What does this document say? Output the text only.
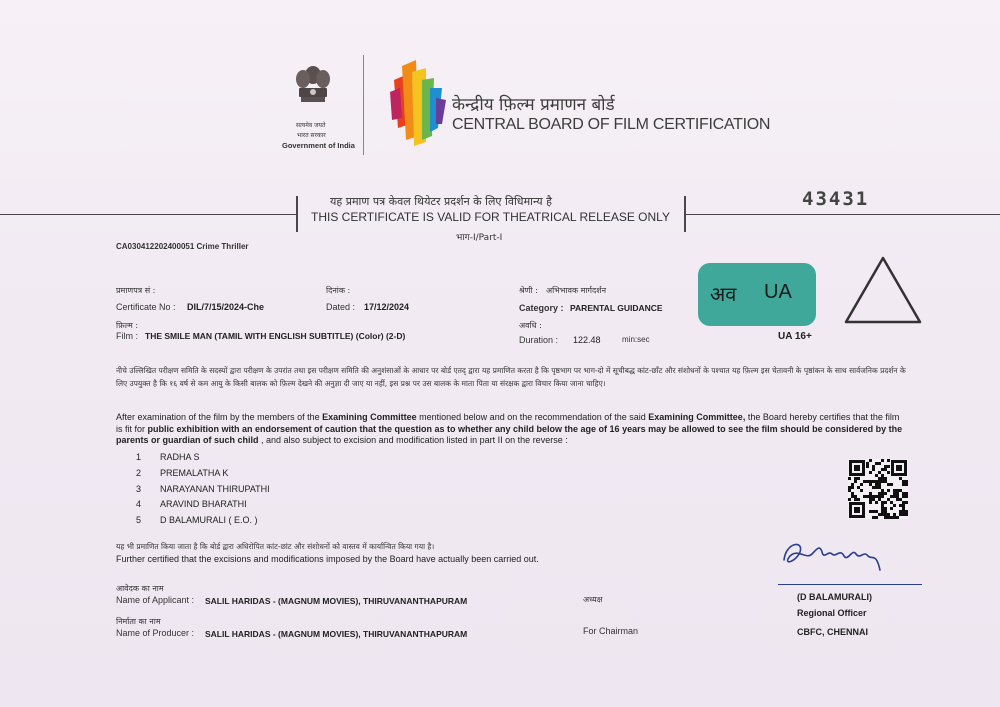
सत्यमेव जयते
भारत सरकार
Government of India
केन्द्रीय फ़िल्म प्रमाणन बोर्ड
CENTRAL BOARD OF FILM CERTIFICATION
यह प्रमाण पत्र केवल थियेटर प्रदर्शन के लिए विधिमान्य है
THIS CERTIFICATE IS VALID FOR THEATRICAL RELEASE ONLY
भाग-I/Part-I
43431
CA030412202400051 Crime Thriller
प्रमाणपत्र सं :
Certificate No : DIL/7/15/2024-Che
दिनांक :
Dated : 17/12/2024
श्रेणी : अभिभावक मार्गदर्शन
Category : PARENTAL GUIDANCE
फ़िल्म :
Film : THE SMILE MAN (TAMIL WITH ENGLISH SUBTITLE) (Color) (2-D)
अवधि :
Duration : 122.48	min:sec
अव UA
UA 16+
नीचे उल्लिखित परीक्षण समिति के सदस्यों द्वारा परीक्षण के उपरांत तथा इस परीक्षण समिति की अनुशंसाओं के आधार पर बोर्ड एतद् द्वारा यह प्रमाणित करता है कि पृष्ठभाग पर भाग-दो में सूचीबद्ध कांट-छाँट और संशोधनों के पश्चात यह फ़िल्म इस चेतावनी के पृष्ठांकन के साथ सार्वजनिक प्रदर्शन के लिए उपयुक्त है कि १६ वर्ष से कम आयु के किसी बालक को फ़िल्म देखने की अनुज्ञा दी जाए या नहीं, इस प्रश्न पर उस बालक के माता पिता या संरक्षक द्वारा विचार किया जाना चाहिए।
After examination of the film by the members of the Examining Committee mentioned below and on the recommendation of the said Examining Committee, the Board hereby certifies that the film is fit for public exhibition with an endorsement of caution that the question as to whether any child below the age of 16 years may be allowed to see the film should be considered by the parents or guardian of such child , and also subject to excision and modification listed in part II on the reverse :
1 RADHA S
2 PREMALATHA K
3 NARAYANAN THIRUPATHI
4 ARAVIND BHARATHI
5 D BALAMURALI ( E.O. )
यह भी प्रमाणित किया जाता है कि बोर्ड द्वारा अधिरोपित कांट-छांट और संशोधनों को वास्तव में कार्यान्वित किया गया है।
Further certified that the excisions and modifications imposed by the Board have actually been carried out.
आवेदक का नाम
Name of Applicant : SALIL HARIDAS - (MAGNUM MOVIES), THIRUVANANTHAPURAM
निर्माता का नाम
Name of Producer : SALIL HARIDAS - (MAGNUM MOVIES), THIRUVANANTHAPURAM
अध्यक्ष
For Chairman
(D BALAMURALI)
Regional Officer
CBFC, CHENNAI
